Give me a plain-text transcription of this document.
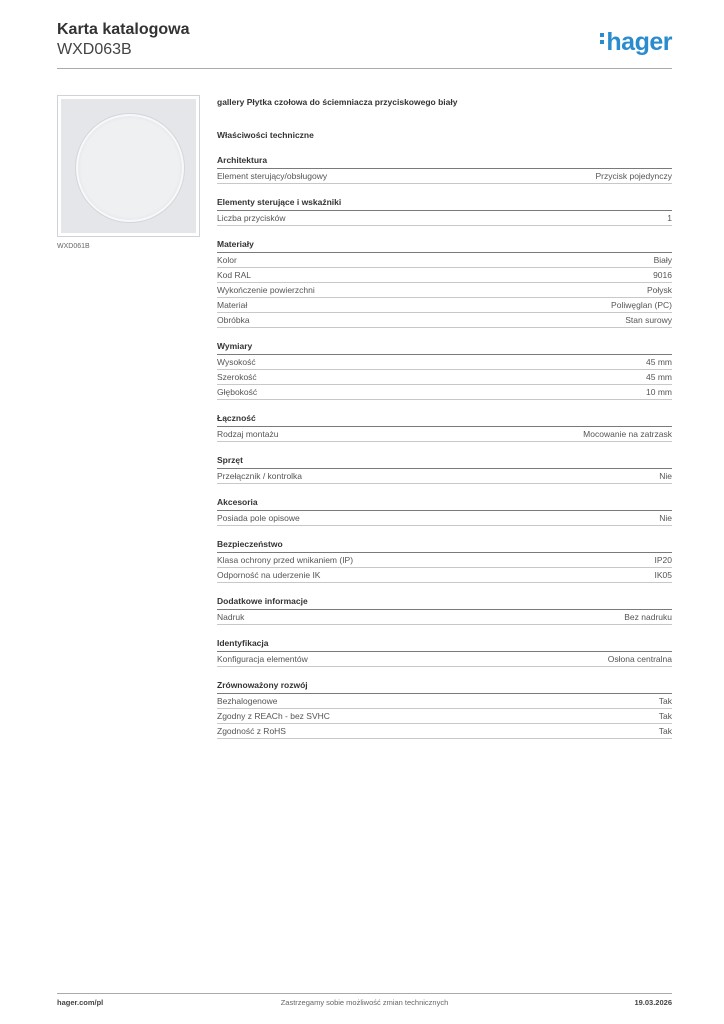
Karta katalogowa
WXD063B	hager
WXD061B
gallery Płytka czołowa do ściemniacza przyciskowego biały
Właściwości techniczne
Architektura
Element sterujący/obsługowy	Przycisk pojedynczy
Elementy sterujące i wskaźniki
Liczba przycisków	1
Materiały
Kolor	Biały
Kod RAL	9016
Wykończenie powierzchni	Połysk
Materiał	Poliwęglan (PC)
Obróbka	Stan surowy
Wymiary
Wysokość	45 mm
Szerokość	45 mm
Głębokość	10 mm
Łączność
Rodzaj montażu	Mocowanie na zatrzask
Sprzęt
Przełącznik / kontrolka	Nie
Akcesoria
Posiada pole opisowe	Nie
Bezpieczeństwo
Klasa ochrony przed wnikaniem (IP)	IP20
Odporność na uderzenie IK	IK05
Dodatkowe informacje
Nadruk	Bez nadruku
Identyfikacja
Konfiguracja elementów	Osłona centralna
Zrównoważony rozwój
Bezhalogenowe	Tak
Zgodny z REACh - bez SVHC	Tak
Zgodność z RoHS	Tak
hager.com/pl	Zastrzegamy sobie możliwość zmian technicznych	19.03.2026
